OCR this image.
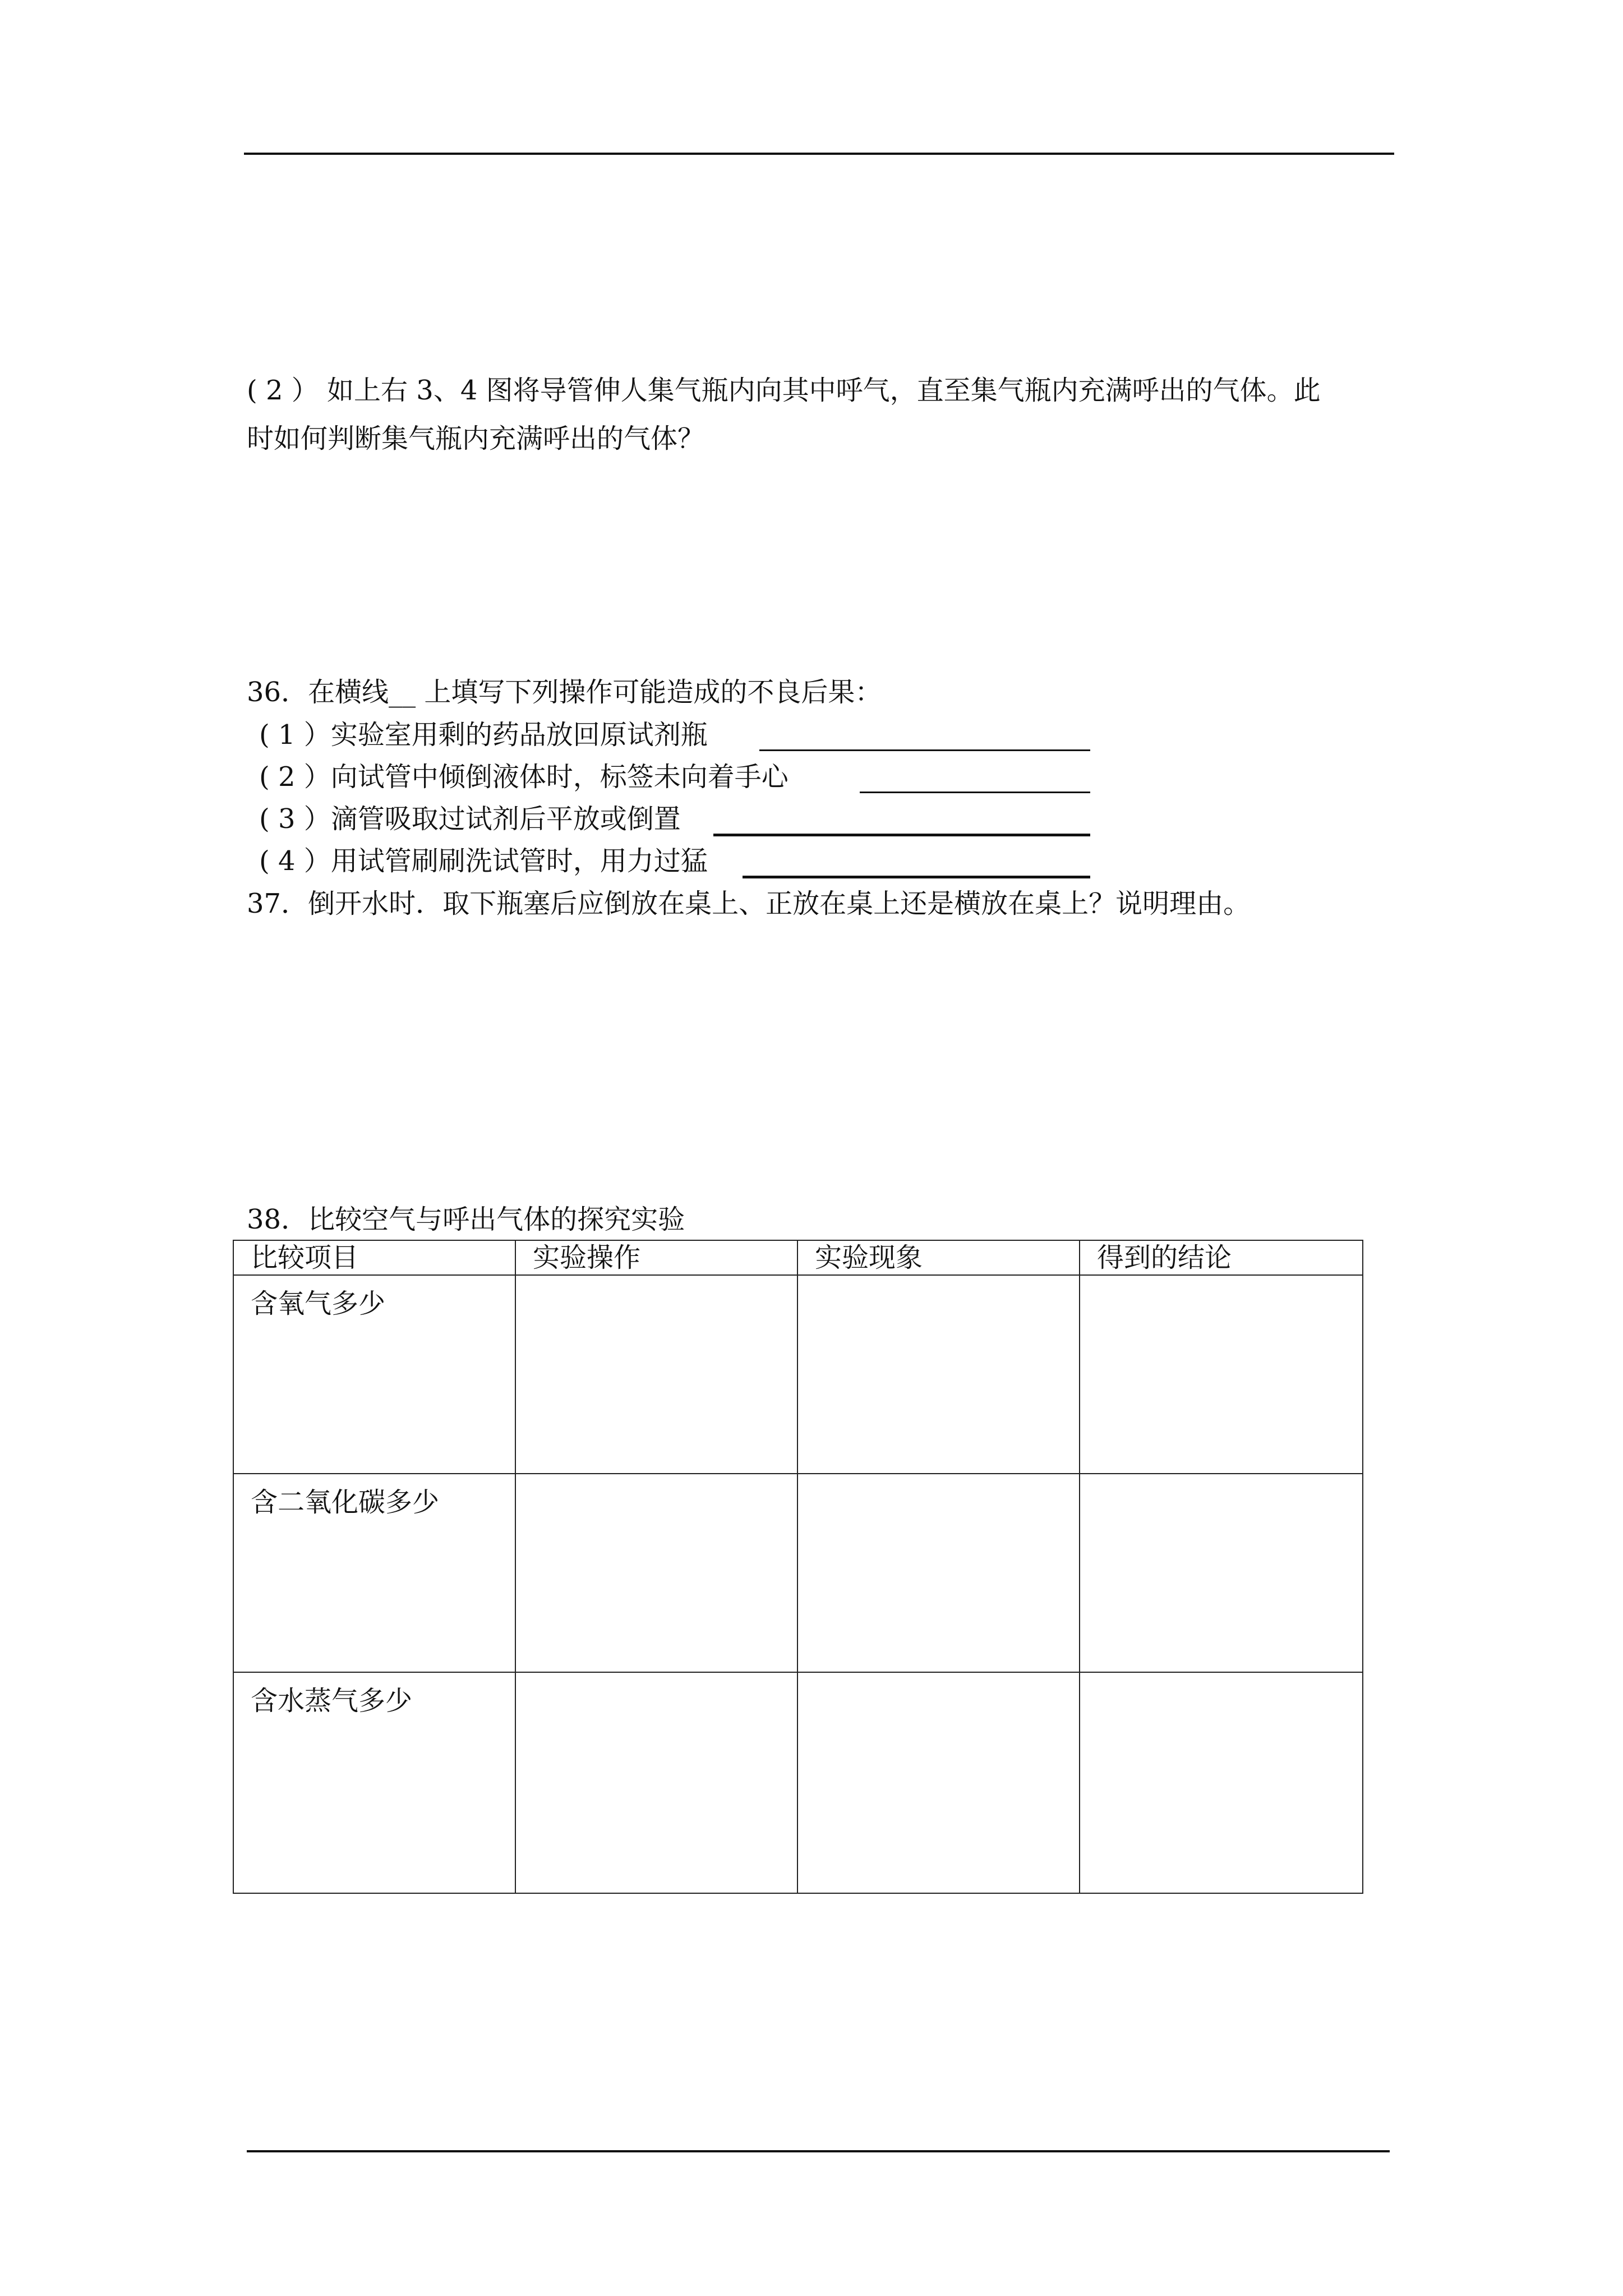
( 2 ） 如上右 3、4 图将导管伸人集气瓶内向其中呼气，直至集气瓶内充满呼出的气体。此
时如何判断集气瓶内充满呼出的气体？
36．在横线__ 上填写下列操作可能造成的不良后果：
( 1 ）实验室用剩的药品放回原试剂瓶
( 2 ）向试管中倾倒液体时，标签未向着手心
( 3 ）滴管吸取过试剂后平放或倒置
( 4 ）用试管刷刷洗试管时，用力过猛
37．倒开水时．取下瓶塞后应倒放在桌上、正放在桌上还是横放在桌上？说明理由。
38．比较空气与呼出气体的探究实验
比较项目	实验操作	实验现象	得到的结论
含氧气多少			
含二氧化碳多少			
含水蒸气多少			
